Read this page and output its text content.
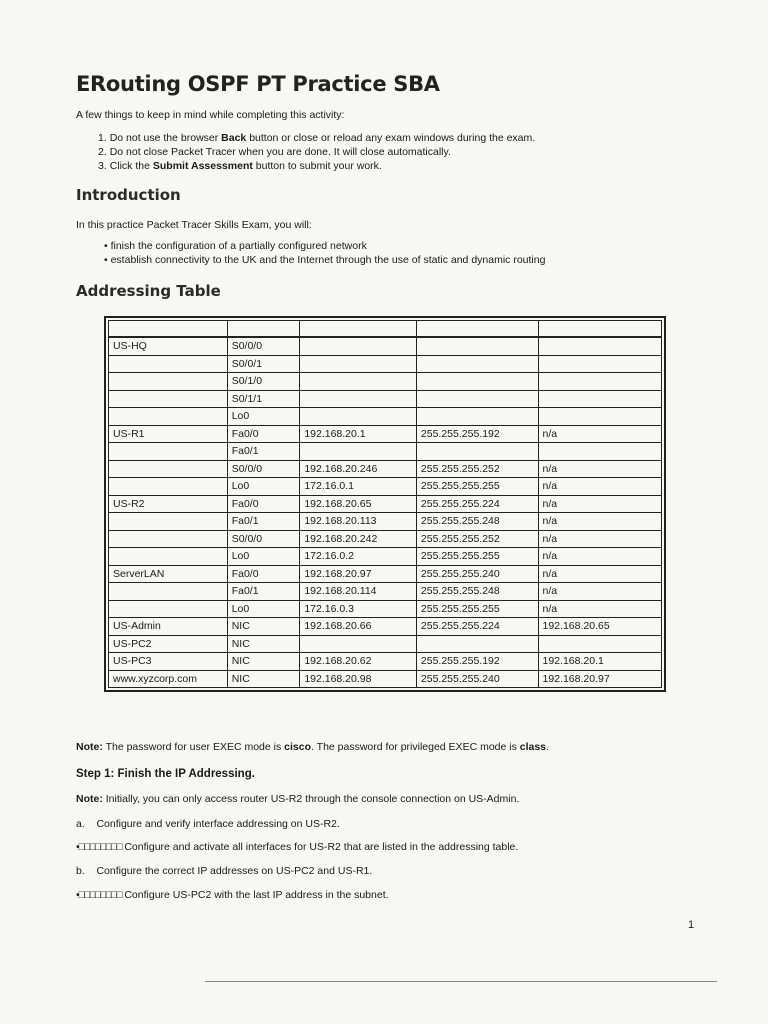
ERouting OSPF PT Practice SBA
A few things to keep in mind while completing this activity:
1. Do not use the browser Back button or close or reload any exam windows during the exam.
2. Do not close Packet Tracer when you are done. It will close automatically.
3. Click the Submit Assessment button to submit your work.
Introduction
In this practice Packet Tracer Skills Exam, you will:
• finish the configuration of a partially configured network
• establish connectivity to the UK and the Internet through the use of static and dynamic routing
Addressing Table

US-HQ	S0/0/0			
	S0/0/1			
	S0/1/0			
	S0/1/1			
	Lo0			
US-R1	Fa0/0	192.168.20.1	255.255.255.192	n/a
	Fa0/1			
	S0/0/0	192.168.20.246	255.255.255.252	n/a
	Lo0	172.16.0.1	255.255.255.255	n/a
US-R2	Fa0/0	192.168.20.65	255.255.255.224	n/a
	Fa0/1	192.168.20.113	255.255.255.248	n/a
	S0/0/0	192.168.20.242	255.255.255.252	n/a
	Lo0	172.16.0.2	255.255.255.255	n/a
ServerLAN	Fa0/0	192.168.20.97	255.255.255.240	n/a
	Fa0/1	192.168.20.114	255.255.255.248	n/a
	Lo0	172.16.0.3	255.255.255.255	n/a
US-Admin	NIC	192.168.20.66	255.255.255.224	192.168.20.65
US-PC2	NIC			
US-PC3	NIC	192.168.20.62	255.255.255.192	192.168.20.1
www.xyzcorp.com	NIC	192.168.20.98	255.255.255.240	192.168.20.97
Note: The password for user EXEC mode is cisco. The password for privileged EXEC mode is class.
Step 1: Finish the IP Addressing.
Note: Initially, you can only access router US-R2 through the console connection on US-Admin.
a. Configure and verify interface addressing on US-R2.
•□□□□□□□□ Configure and activate all interfaces for US-R2 that are listed in the addressing table.
b. Configure the correct IP addresses on US-PC2 and US-R1.
•□□□□□□□□ Configure US-PC2 with the last IP address in the subnet.
1
